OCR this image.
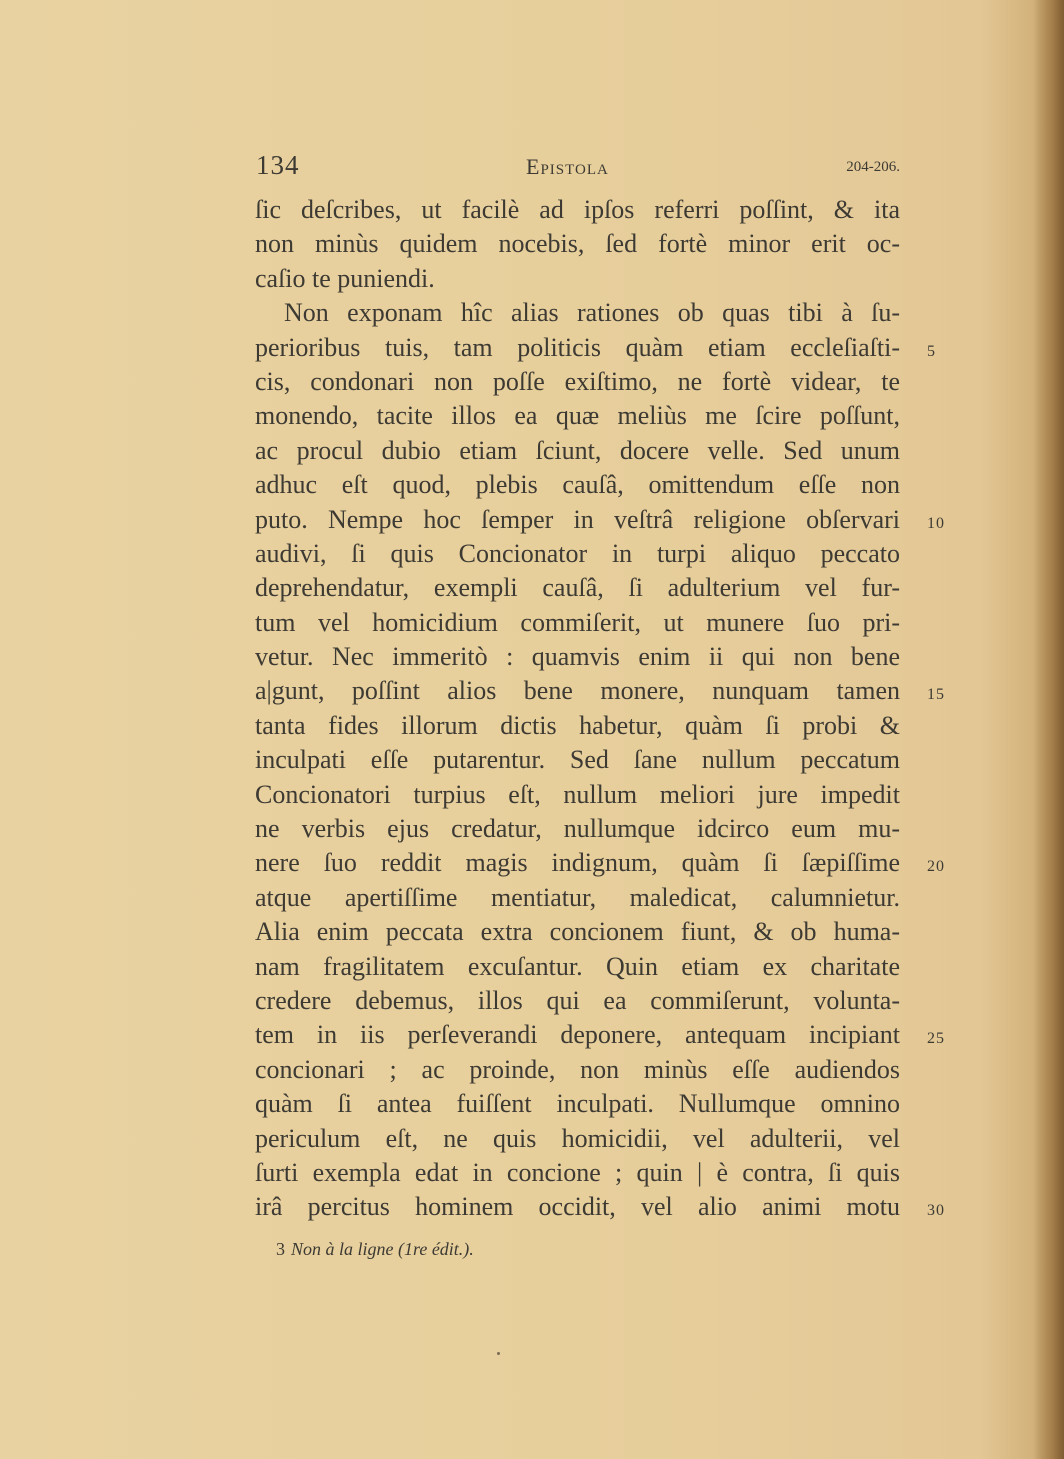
134	Epistola	204-206.
ſic deſcribes, ut facilè ad ipſos referri poſſint, & ita
non minùs quidem nocebis, ſed fortè minor erit oc-
caſio te puniendi.
Non exponam hîc alias rationes ob quas tibi à ſu-
perioribus tuis, tam politicis quàm etiam eccleſiaſti- 5
cis, condonari non poſſe exiſtimo, ne fortè videar, te
monendo, tacite illos ea quæ meliùs me ſcire poſſunt,
ac procul dubio etiam ſciunt, docere velle. Sed unum
adhuc eſt quod, plebis cauſâ, omittendum eſſe non
puto. Nempe hoc ſemper in veſtrâ religione obſervari 10
audivi, ſi quis Concionator in turpi aliquo peccato
deprehendatur, exempli cauſâ, ſi adulterium vel fur-
tum vel homicidium commiſerit, ut munere ſuo pri-
vetur. Nec immeritò : quamvis enim ii qui non bene
a|gunt, poſſint alios bene monere, nunquam tamen 15
tanta fides illorum dictis habetur, quàm ſi probi &
inculpati eſſe putarentur. Sed ſane nullum peccatum
Concionatori turpius eſt, nullum meliori jure impedit
ne verbis ejus credatur, nullumque idcirco eum mu-
nere ſuo reddit magis indignum, quàm ſi ſæpiſſime 20
atque apertiſſime mentiatur, maledicat, calumnietur.
Alia enim peccata extra concionem fiunt, & ob huma-
nam fragilitatem excuſantur. Quin etiam ex charitate
credere debemus, illos qui ea commiſerunt, volunta-
tem in iis perſeverandi deponere, antequam incipiant 25
concionari ; ac proinde, non minùs eſſe audiendos
quàm ſi antea fuiſſent inculpati. Nullumque omnino
periculum eſt, ne quis homicidii, vel adulterii, vel
ſurti exempla edat in concione ; quin | è contra, ſi quis
irâ percitus hominem occidit, vel alio animi motu 30
3 Non à la ligne (1re édit.).
